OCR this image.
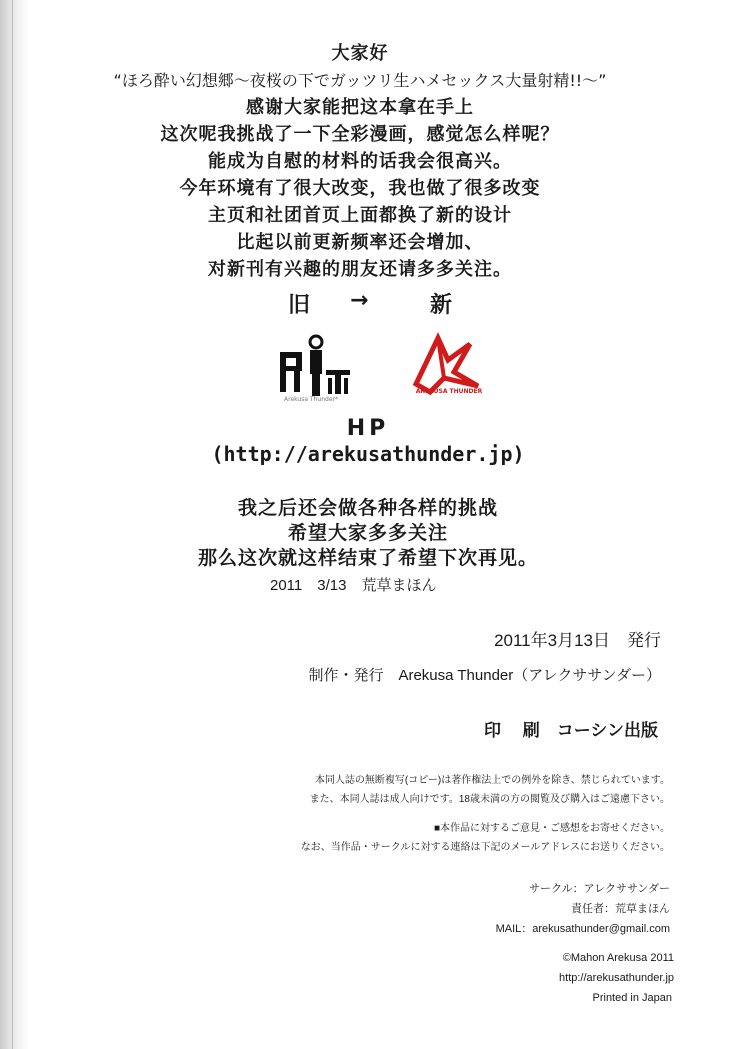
大家好
“ほろ酔い幻想郷〜夜桜の下でガッツリ生ハメセックス大量射精!!〜”
感谢大家能把这本拿在手上
这次呢我挑战了一下全彩漫画，感觉怎么样呢？
能成为自慰的材料的话我会很高兴。
今年环境有了很大改变，我也做了很多改变
主页和社团首页上面都换了新的设计
比起以前更新频率还会增加、
对新刊有兴趣的朋友还请多多关注。
旧 →	新
Arekusa Thunder*
AREKUSA THUNDER
HP
(http://arekusathunder.jp)
我之后还会做各种各样的挑战
希望大家多多关注
那么这次就这样结束了希望下次再见。
2011　3/13　荒草まほん
2011年3月13日　発行
制作・発行　Arekusa Thunder（アレクササンダー）
印　 刷　コーシン出版
本同人誌の無断複写(コピー)は著作権法上での例外を除き、禁じられています。
また、本同人誌は成人向けです。18歳未満の方の閲覧及び購入はご遠慮下さい。
■本作品に対するご意見・ご感想をお寄せください。
なお、当作品・サークルに対する連絡は下記のメールアドレスにお送りください。
サークル：アレクササンダー
責任者：荒草まほん
MAIL：arekusathunder@gmail.com
©Mahon Arekusa 2011
http://arekusathunder.jp
Printed in Japan
